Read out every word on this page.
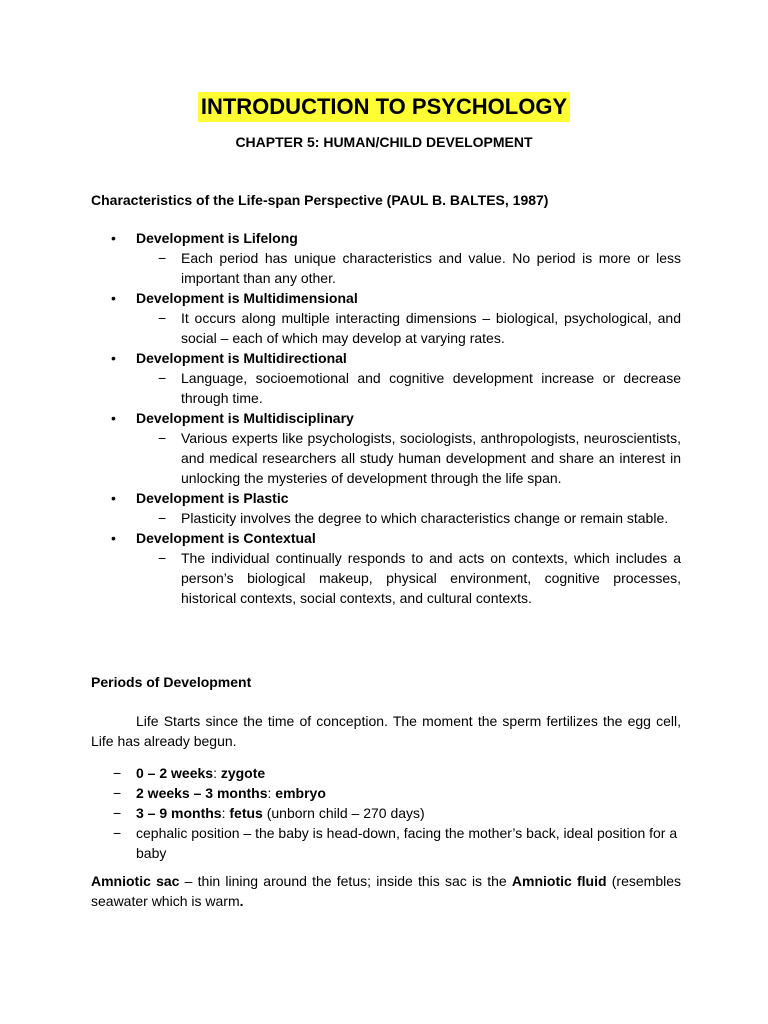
INTRODUCTION TO PSYCHOLOGY
CHAPTER 5: HUMAN/CHILD DEVELOPMENT
Characteristics of the Life-span Perspective (PAUL B. BALTES, 1987)
• Development is Lifelong
− Each period has unique characteristics and value. No period is more or less important than any other.
• Development is Multidimensional
− It occurs along multiple interacting dimensions – biological, psychological, and social – each of which may develop at varying rates.
• Development is Multidirectional
− Language, socioemotional and cognitive development increase or decrease through time.
• Development is Multidisciplinary
− Various experts like psychologists, sociologists, anthropologists, neuroscientists, and medical researchers all study human development and share an interest in unlocking the mysteries of development through the life span.
• Development is Plastic
− Plasticity involves the degree to which characteristics change or remain stable.
• Development is Contextual
− The individual continually responds to and acts on contexts, which includes a person’s biological makeup, physical environment, cognitive processes, historical contexts, social contexts, and cultural contexts.
Periods of Development
Life Starts since the time of conception. The moment the sperm fertilizes the egg cell, Life has already begun.
− 0 – 2 weeks: zygote
− 2 weeks – 3 months: embryo
− 3 – 9 months: fetus (unborn child – 270 days)
− cephalic position – the baby is head-down, facing the mother’s back, ideal position for a baby
Amniotic sac – thin lining around the fetus; inside this sac is the Amniotic fluid (resembles seawater which is warm.
